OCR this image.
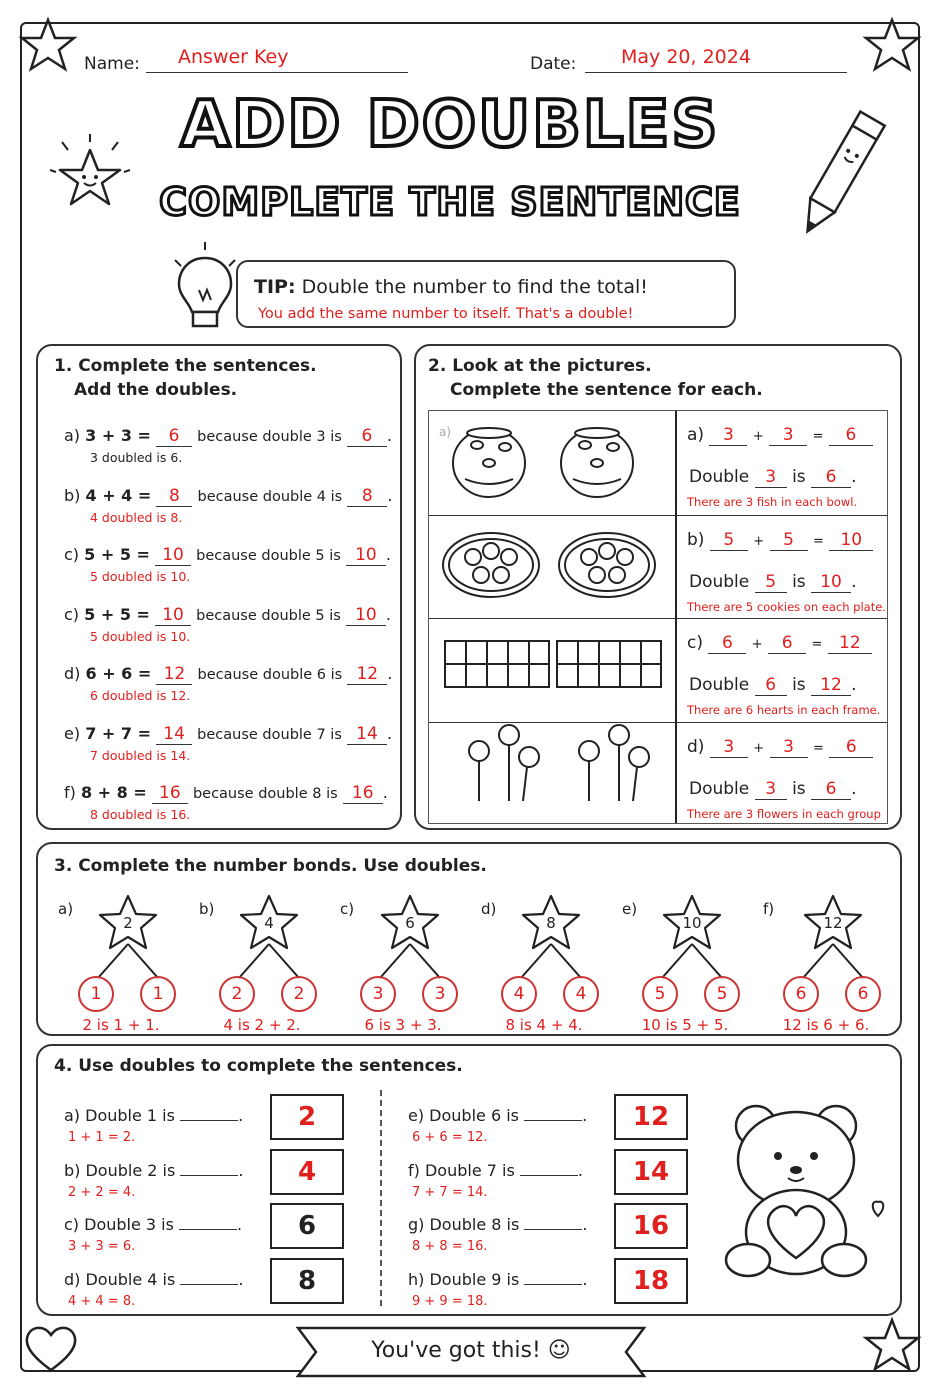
Name: Answer Key	Date: May 20, 2024
ADD DOUBLES
COMPLETE THE SENTENCE
TIP: Double the number to find the total!
You add the same number to itself. That's a double!
1. Complete the sentences.
Add the doubles.
a) 3 + 3 = 6 because double 3 is 6 .
3 doubled is 6.
b) 4 + 4 = 8 because double 4 is 8 .
4 doubled is 8.
c) 5 + 5 = 10 because double 5 is 10 .
5 doubled is 10.
c) 5 + 5 = 10 because double 5 is 10 .
5 doubled is 10.
d) 6 + 6 = 12 because double 6 is 12 .
6 doubled is 12.
e) 7 + 7 = 14 because double 7 is 14 .
7 doubled is 14.
f) 8 + 8 = 16 because double 8 is 16 .
8 doubled is 16.
2. Look at the pictures.
Complete the sentence for each.
a)	a) 3 + 3 = 6
Double 3 is 6 .
There are 3 fish in each bowl.
b) 5 + 5 = 10
Double 5 is 10 .
There are 5 cookies on each plate.
c) 6 + 6 = 12
Double 6 is 12 .
There are 6 hearts in each frame.
d) 3 + 3 = 6
Double 3 is 6 .
There are 3 flowers in each group
3. Complete the number bonds. Use doubles.
a)
2
1	1
2 is 1 + 1.
b)
4
2	2
4 is 2 + 2.
c)
6
3	3
6 is 3 + 3.
d)
8
4	4
8 is 4 + 4.
e)
10
5	5
10 is 5 + 5.
f)
12
6	6
12 is 6 + 6.
4. Use doubles to complete the sentences.
a) Double 1 is	.
1 + 1 = 2.
2
b) Double 2 is	.
2 + 2 = 4.
4
c) Double 3 is	.
3 + 3 = 6.
6
d) Double 4 is	.
4 + 4 = 8.
8
e) Double 6 is	.
6 + 6 = 12.
12
f) Double 7 is	.
7 + 7 = 14.
14
g) Double 8 is	.
8 + 8 = 16.
16
h) Double 9 is	.
9 + 9 = 18.
18
You've got this! ☺
